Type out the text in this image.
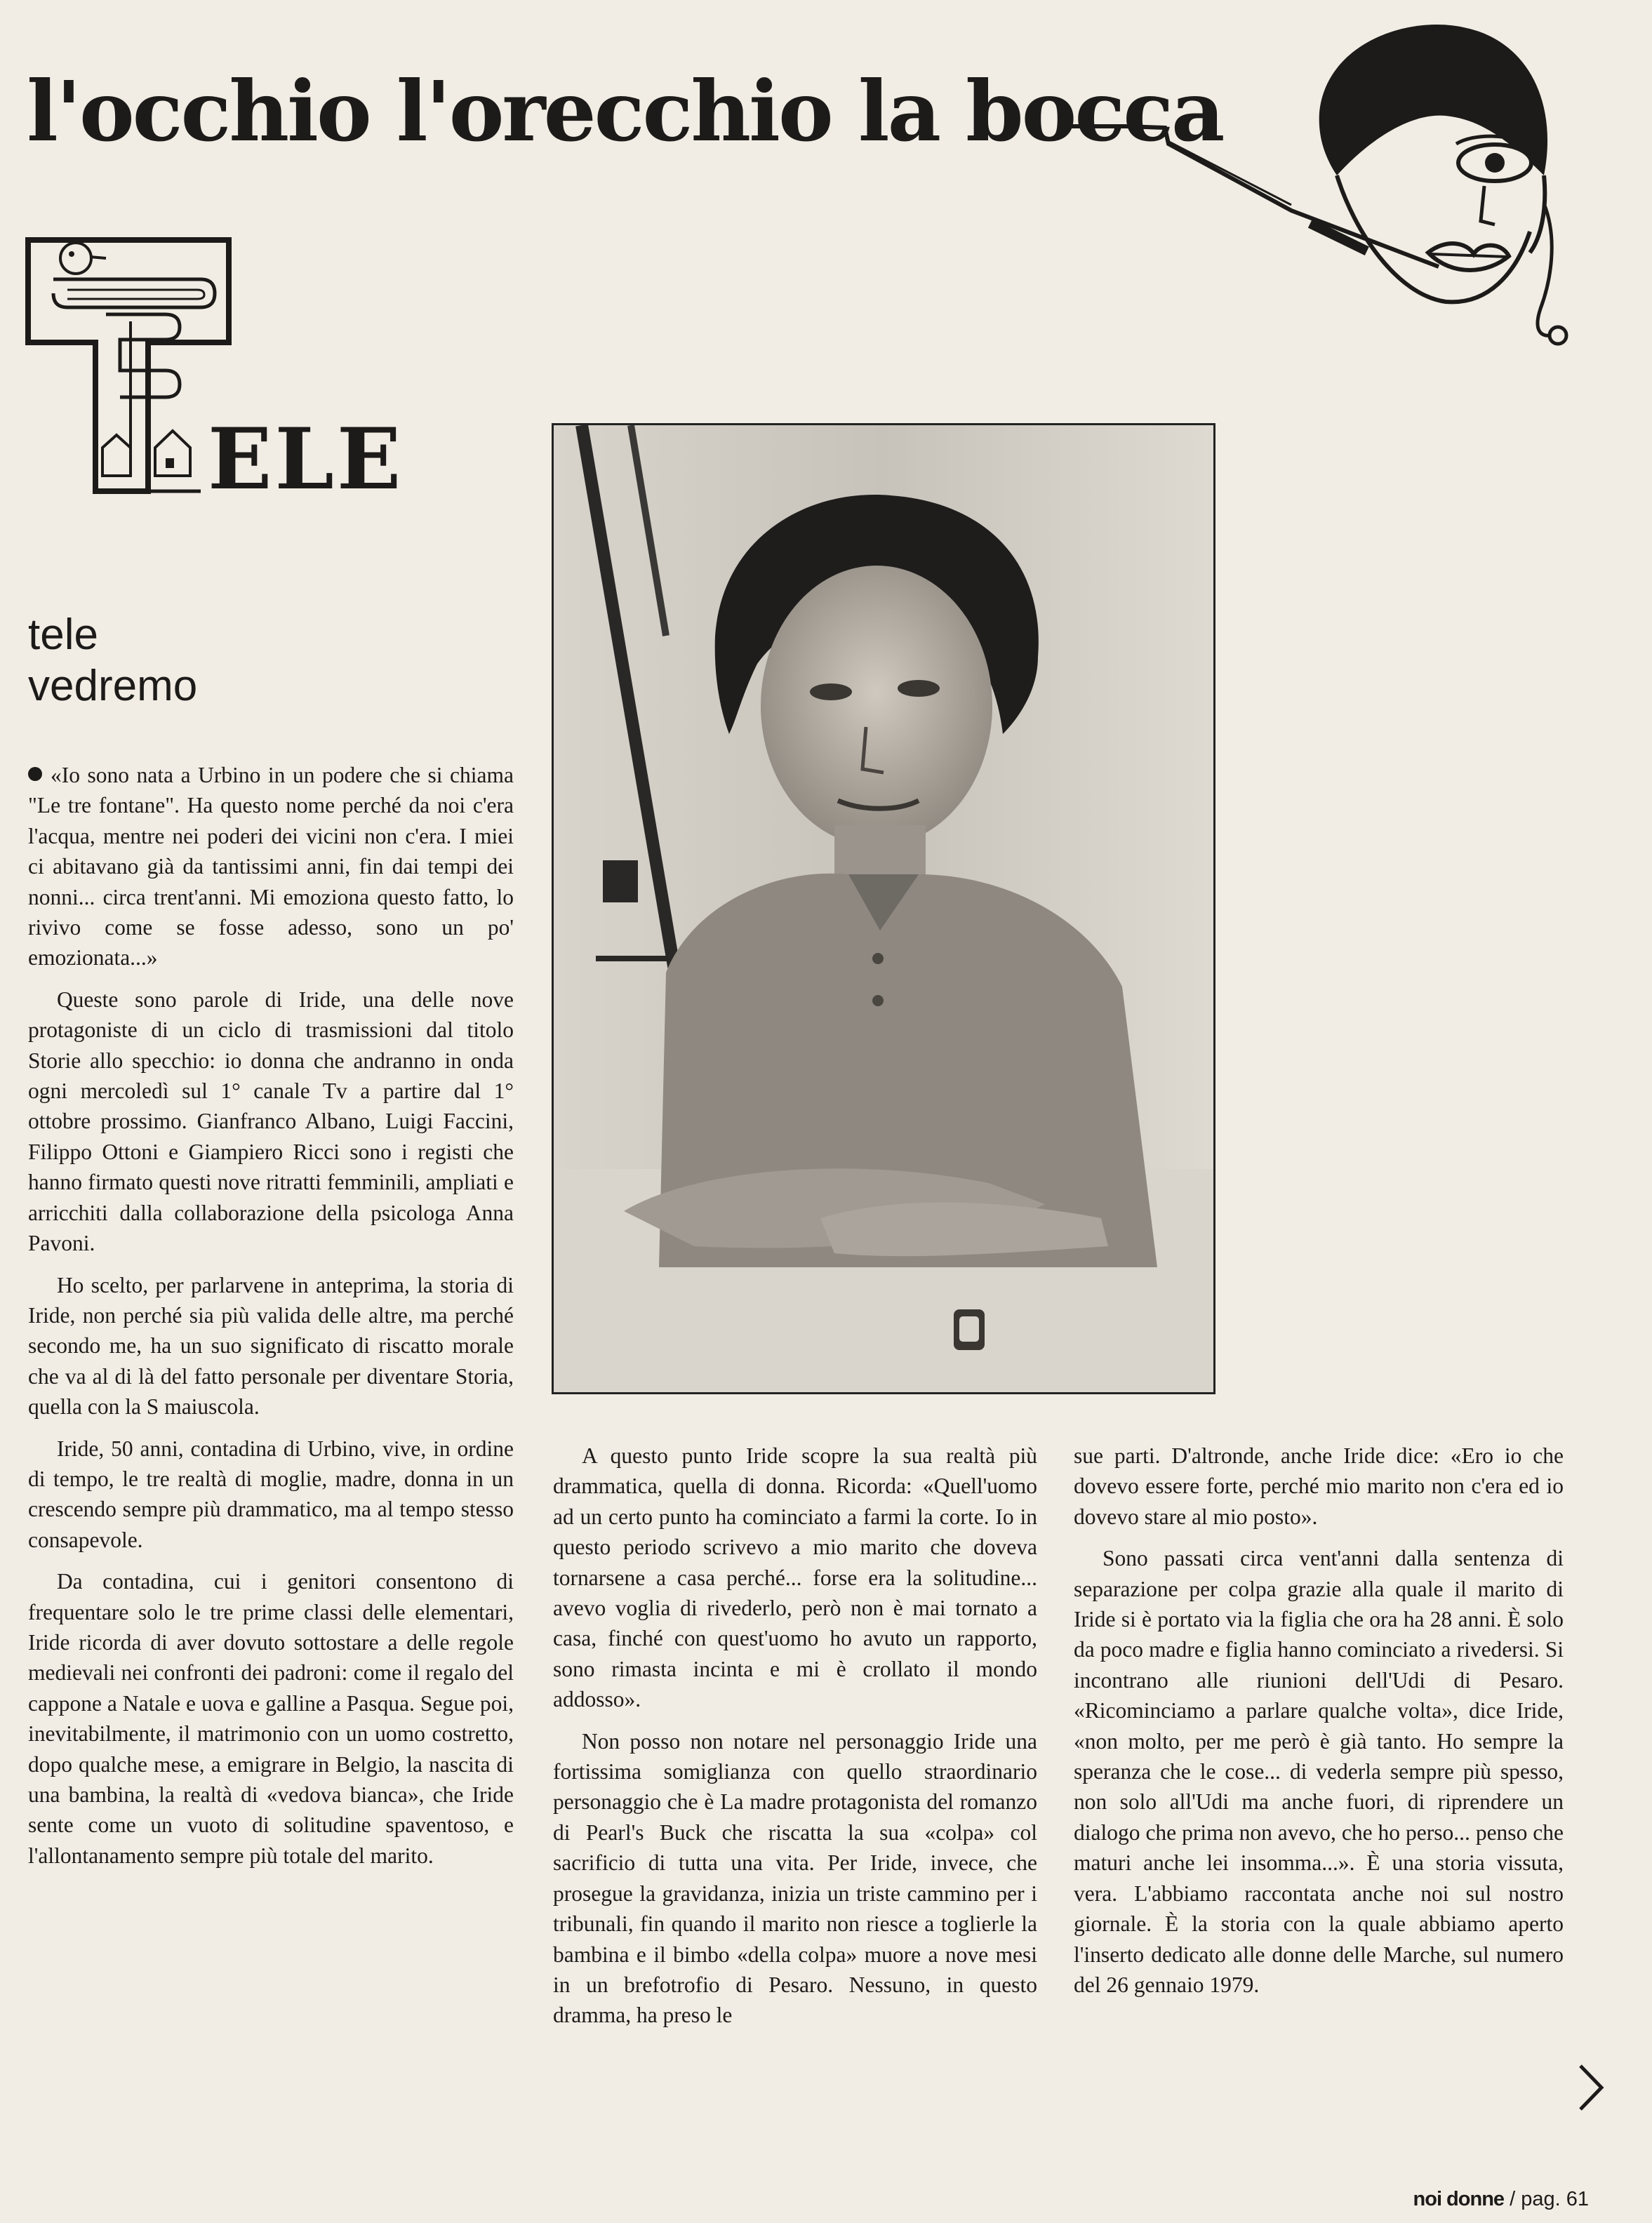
l'occhio l'orecchio la bocca
ELE
tele
vedremo

«Io sono nata a Urbino in un podere che si chiama "Le tre fontane". Ha questo nome perché da noi c'era l'acqua, mentre nei poderi dei vicini non c'era. I miei ci abitavano già da tantissimi anni, fin dai tempi dei nonni... circa trent'anni. Mi emoziona questo fatto, lo rivivo come se fosse adesso, sono un po' emozionata...»

Queste sono parole di Iride, una delle nove protagoniste di un ciclo di trasmissioni dal titolo Storie allo specchio: io donna che andranno in onda ogni mercoledì sul 1° canale Tv a partire dal 1° ottobre prossimo. Gianfranco Albano, Luigi Faccini, Filippo Ottoni e Giampiero Ricci sono i registi che hanno firmato questi nove ritratti femminili, ampliati e arricchiti dalla collaborazione della psicologa Anna Pavoni.

Ho scelto, per parlarvene in anteprima, la storia di Iride, non perché sia più valida delle altre, ma perché secondo me, ha un suo significato di riscatto morale che va al di là del fatto personale per diventare Storia, quella con la S maiuscola.

Iride, 50 anni, contadina di Urbino, vive, in ordine di tempo, le tre realtà di moglie, madre, donna in un crescendo sempre più drammatico, ma al tempo stesso consapevole.

Da contadina, cui i genitori consentono di frequentare solo le tre prime classi delle elementari, Iride ricorda di aver dovuto sottostare a delle regole medievali nei confronti dei padroni: come il regalo del cappone a Natale e uova e galline a Pasqua. Segue poi, inevitabilmente, il matrimonio con un uomo costretto, dopo qualche mese, a emigrare in Belgio, la nascita di una bambina, la realtà di «vedova bianca», che Iride sente come un vuoto di solitudine spaventoso, e l'allontanamento sempre più totale del marito.

A questo punto Iride scopre la sua realtà più drammatica, quella di donna. Ricorda: «Quell'uomo ad un certo punto ha cominciato a farmi la corte. Io in questo periodo scrivevo a mio marito che doveva tornarsene a casa perché... forse era la solitudine... avevo voglia di rivederlo, però non è mai tornato a casa, finché con quest'uomo ho avuto un rapporto, sono rimasta incinta e mi è crollato il mondo addosso».

Non posso non notare nel personaggio Iride una fortissima somiglianza con quello straordinario personaggio che è La madre protagonista del romanzo di Pearl's Buck che riscatta la sua «colpa» col sacrificio di tutta una vita. Per Iride, invece, che prosegue la gravidanza, inizia un triste cammino per i tribunali, fin quando il marito non riesce a toglierle la bambina e il bimbo «della colpa» muore a nove mesi in un brefotrofio di Pesaro. Nessuno, in questo dramma, ha preso le

sue parti. D'altronde, anche Iride dice: «Ero io che dovevo essere forte, perché mio marito non c'era ed io dovevo stare al mio posto».

Sono passati circa vent'anni dalla sentenza di separazione per colpa grazie alla quale il marito di Iride si è portato via la figlia che ora ha 28 anni. È solo da poco madre e figlia hanno cominciato a rivedersi. Si incontrano alle riunioni dell'Udi di Pesaro. «Ricominciamo a parlare qualche volta», dice Iride, «non molto, per me però è già tanto. Ho sempre la speranza che le cose... di vederla sempre più spesso, non solo all'Udi ma anche fuori, di riprendere un dialogo che prima non avevo, che ho perso... penso che maturi anche lei insomma...». È una storia vissuta, vera. L'abbiamo raccontata anche noi sul nostro giornale. È la storia con la quale abbiamo aperto l'inserto dedicato alle donne delle Marche, sul numero del 26 gennaio 1979.

noi donne / pag. 61
